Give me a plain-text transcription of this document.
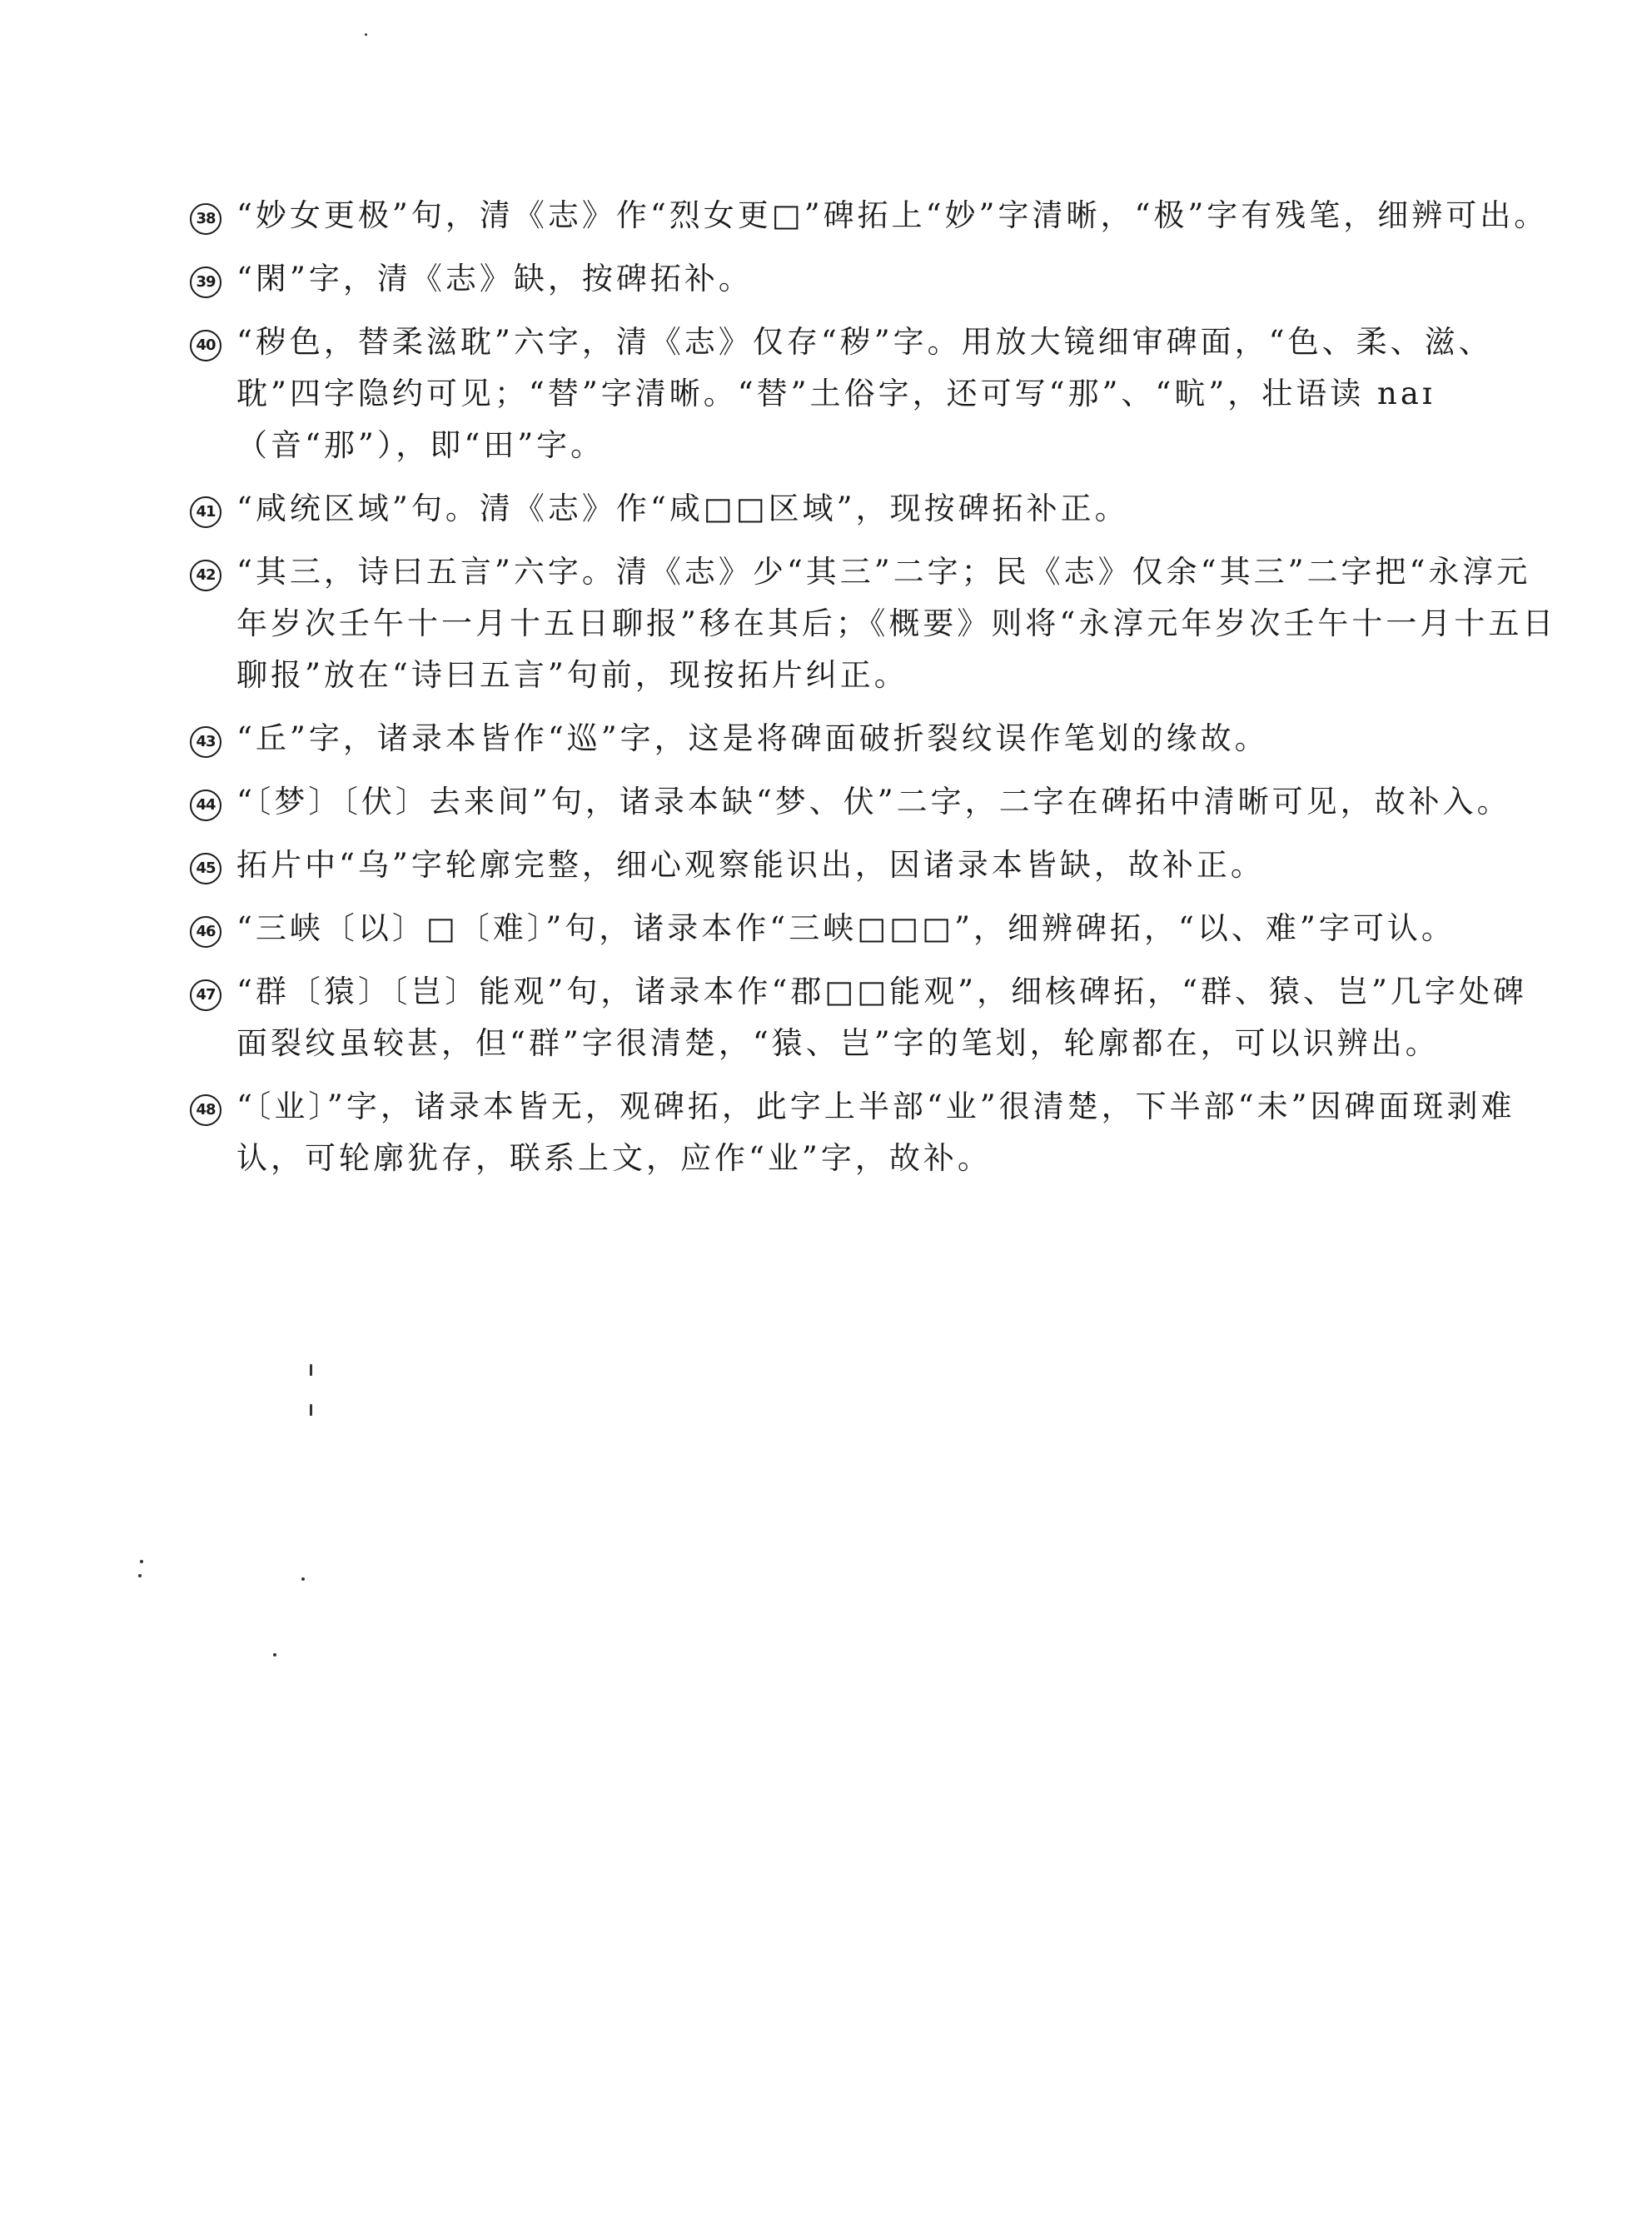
38 “妙女更极”句，清《志》作“烈女更□”碑拓上“妙”字清晰，“极”字有残笔，细辨可出。
39 “閑”字，清《志》缺，按碑拓补。
40 “秽色，替柔滋耽”六字，清《志》仅存“秽”字。用放大镜细审碑面，“色、柔、滋、耽”四字隐约可见；“替”字清晰。“替”土俗字，还可写“那”、“㽘”，壮语读 naɪ（音“那”），即“田”字。
41 “咸统区域”句。清《志》作“咸□□区域”，现按碑拓补正。
42 “其三，诗曰五言”六字。清《志》少“其三”二字；民《志》仅余“其三”二字把“永淳元年岁次壬午十一月十五日聊报”移在其后；《概要》则将“永淳元年岁次壬午十一月十五日聊报”放在“诗曰五言”句前，现按拓片纠正。
43 “丘”字，诸录本皆作“巡”字，这是将碑面破折裂纹误作笔划的缘故。
44 “〔梦〕〔伏〕去来间”句，诸录本缺“梦、伏”二字，二字在碑拓中清晰可见，故补入。
45 拓片中“乌”字轮廓完整，细心观察能识出，因诸录本皆缺，故补正。
46 “三峡〔以〕□〔难〕”句，诸录本作“三峡□□□”，细辨碑拓，“以、难”字可认。
47 “群〔猿〕〔岂〕能观”句，诸录本作“郡□□能观”，细核碑拓，“群、猿、岂”几字处碑面裂纹虽较甚，但“群”字很清楚，“猿、岂”字的笔划，轮廓都在，可以识辨出。
48 “〔业〕”字，诸录本皆无，观碑拓，此字上半部“业”很清楚，下半部“未”因碑面斑剥难认，可轮廓犹存，联系上文，应作“业”字，故补。
